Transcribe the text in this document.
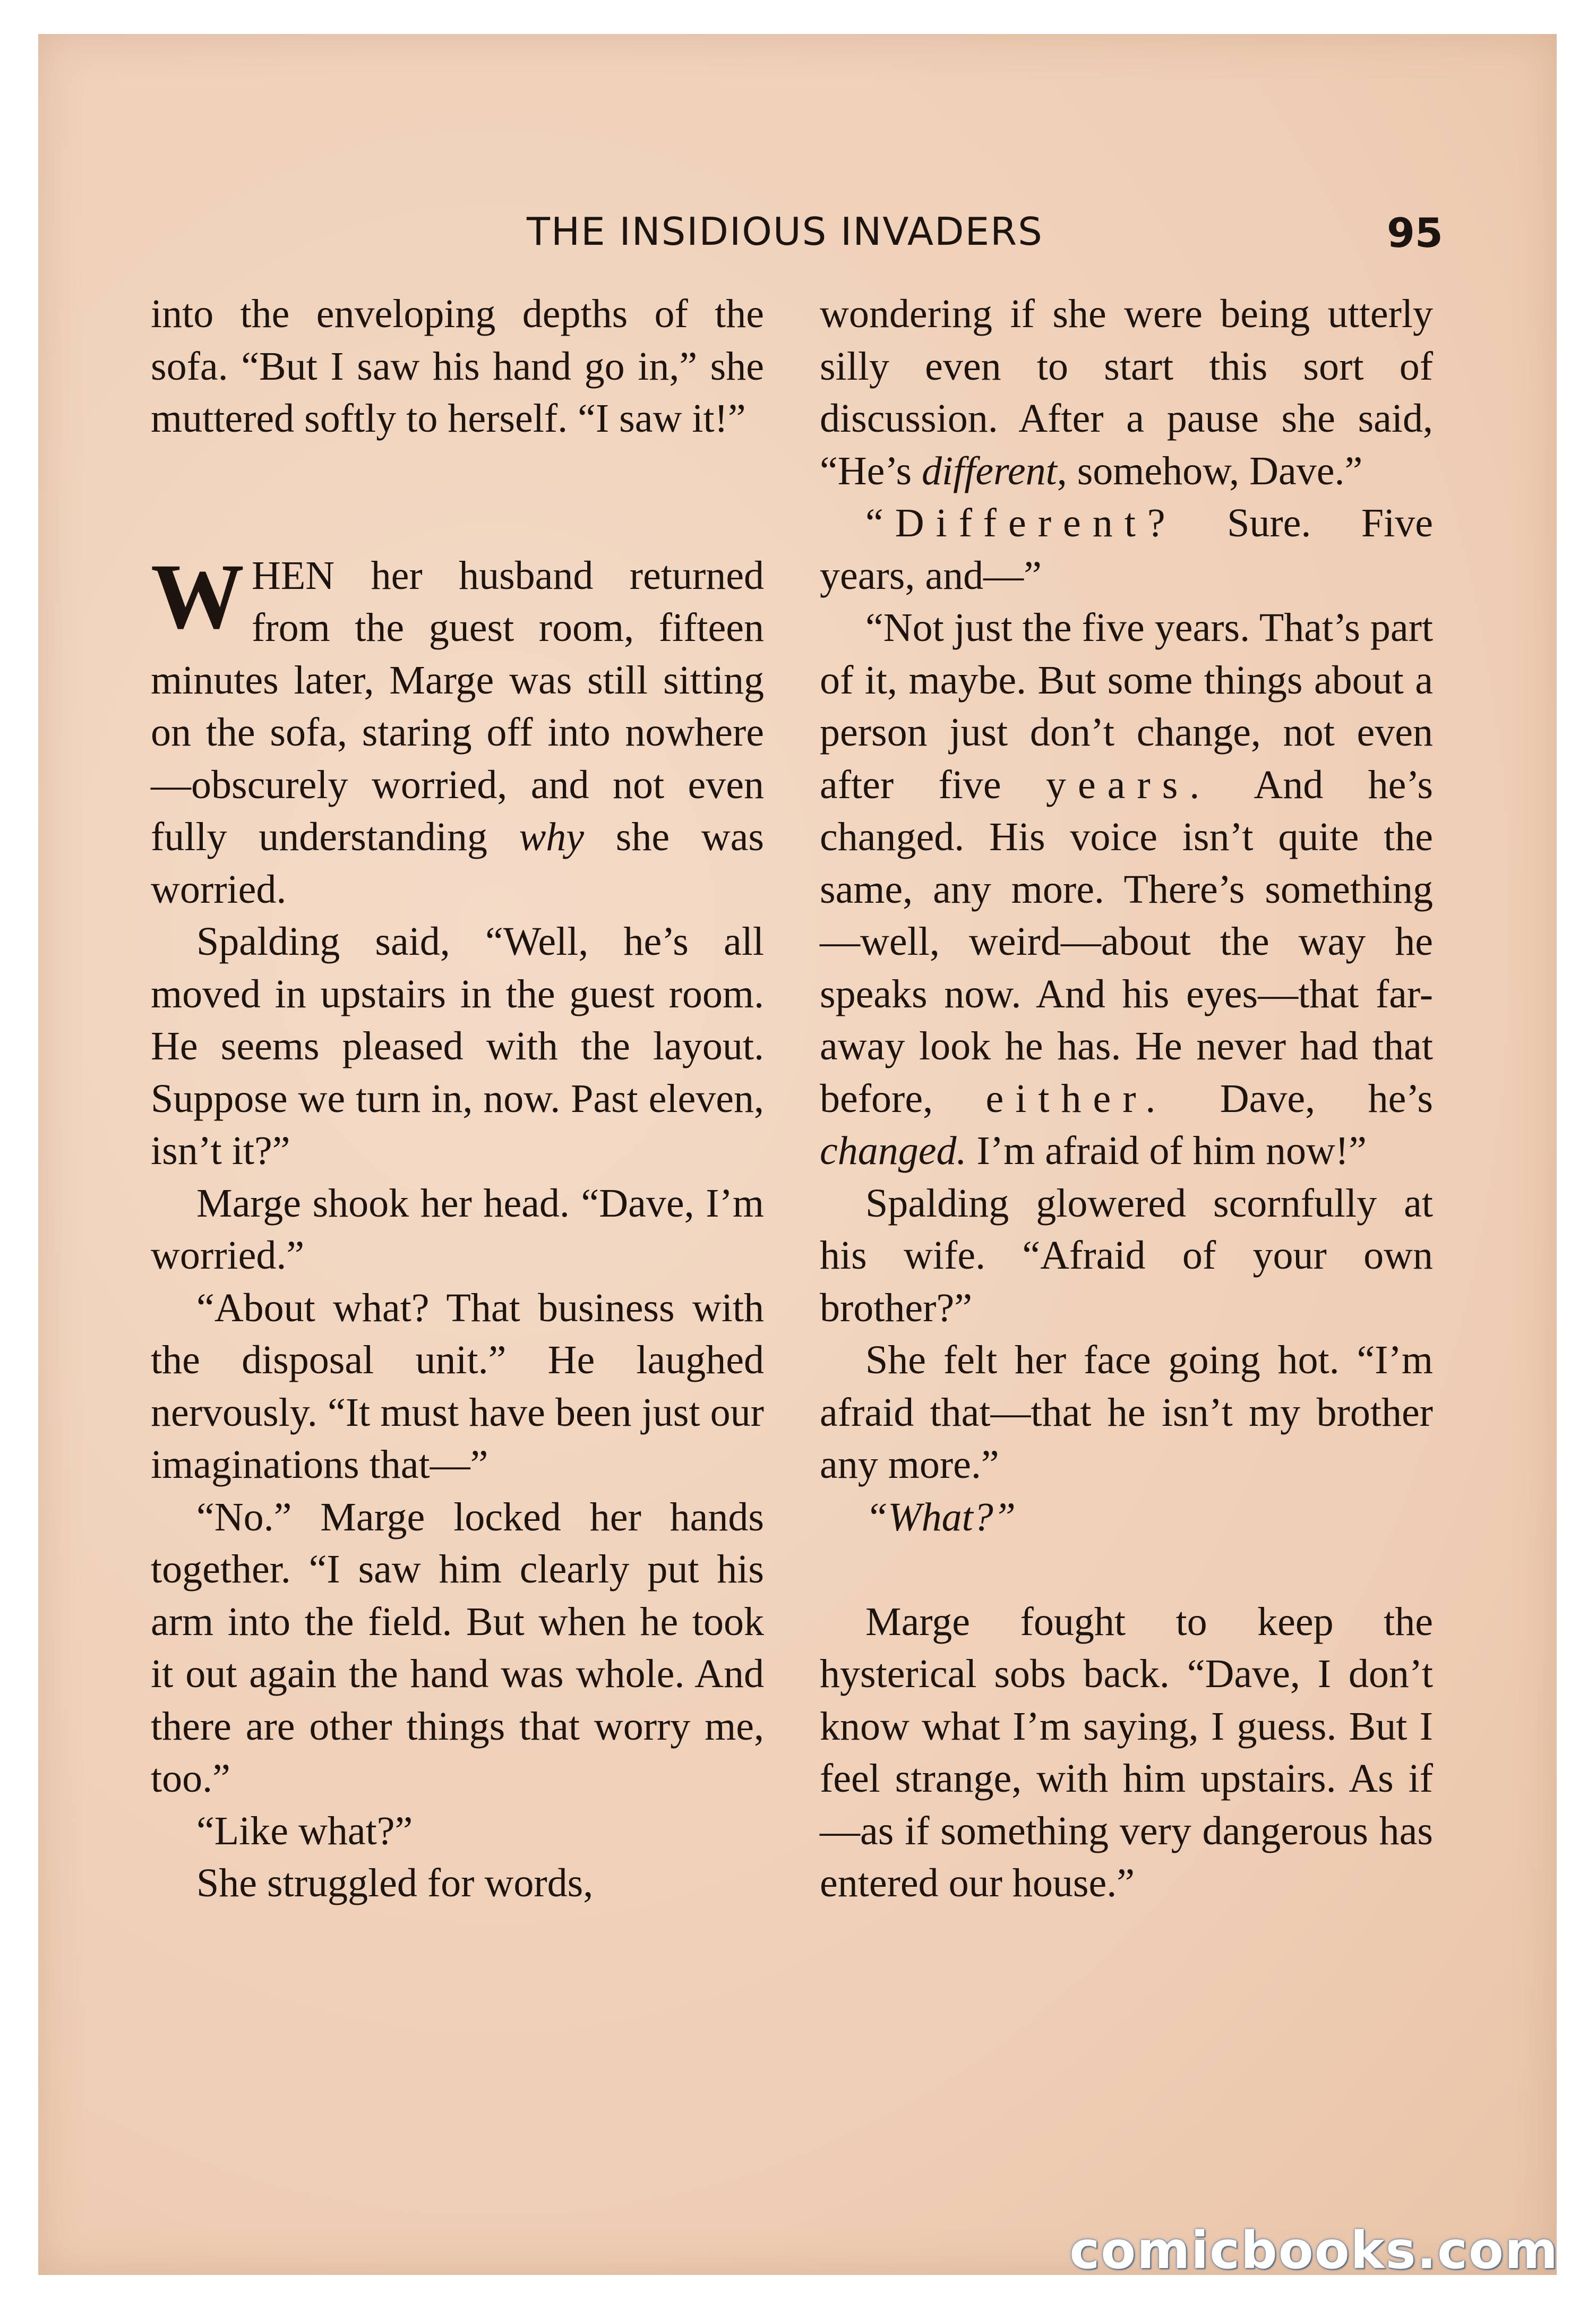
THE INSIDIOUS INVADERS	95

into the enveloping depths of the sofa. “But I saw his hand go in,” she muttered softly to herself. “I saw it!”

WHEN her husband returned from the guest room, fifteen minutes later, Marge was still sitting on the sofa, staring off into nowhere —obscurely worried, and not even fully understanding why she was worried.

Spalding said, “Well, he’s all moved in upstairs in the guest room. He seems pleased with the layout. Suppose we turn in, now. Past eleven, isn’t it?”

Marge shook her head. “Dave, I’m worried.”

“About what? That business with the disposal unit.” He laughed nervously. “It must have been just our imaginations that—”

“No.” Marge locked her hands together. “I saw him clearly put his arm into the field. But when he took it out again the hand was whole. And there are other things that worry me, too.”

“Like what?”

She struggled for words,

wondering if she were being utterly silly even to start this sort of discussion. After a pause she said, “He’s different, somehow, Dave.”

“Different? Sure. Five years, and—”

“Not just the five years. That’s part of it, maybe. But some things about a person just don’t change, not even after five years. And he’s changed. His voice isn’t quite the same, any more. There’s something—well, weird—about the way he speaks now. And his eyes—that far-away look he has. He never had that before, either. Dave, he’s changed. I’m afraid of him now!”

Spalding glowered scornfully at his wife. “Afraid of your own brother?”

She felt her face going hot. “I’m afraid that—that he isn’t my brother any more.”

“What?”

Marge fought to keep the hysterical sobs back. “Dave, I don’t know what I’m saying, I guess. But I feel strange, with him upstairs. As if—as if something very dangerous has entered our house.”

comicbooks.com
